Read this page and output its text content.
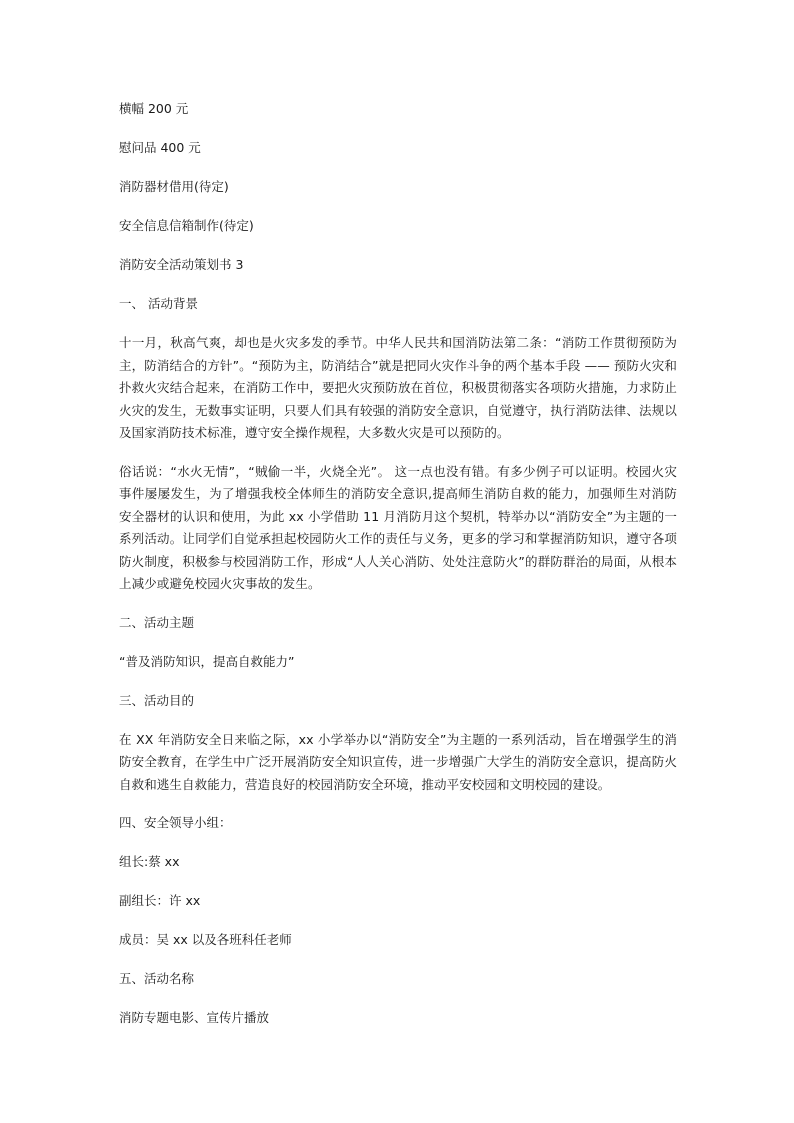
横幅 200 元
慰问品 400 元
消防器材借用(待定)
安全信息信箱制作(待定)
消防安全活动策划书 3
一、 活动背景
十一月，秋高气爽，却也是火灾多发的季节。中华人民共和国消防法第二条：“消防工作贯彻预防为主，防消结合的方针”。“预防为主，防消结合”就是把同火灾作斗争的两个基本手段 —— 预防火灾和扑救火灾结合起来，在消防工作中，要把火灾预防放在首位，积极贯彻落实各项防火措施，力求防止火灾的发生，无数事实证明，只要人们具有较强的消防安全意识，自觉遵守，执行消防法律、法规以及国家消防技术标准，遵守安全操作规程，大多数火灾是可以预防的。
俗话说：“水火无情”，“贼偷一半，火烧全光”。 这一点也没有错。有多少例子可以证明。校园火灾事件屡屡发生，为了增强我校全体师生的消防安全意识,提高师生消防自救的能力，加强师生对消防安全器材的认识和使用，为此 xx 小学借助 11 月消防月这个契机，特举办以“消防安全”为主题的一系列活动。让同学们自觉承担起校园防火工作的责任与义务，更多的学习和掌握消防知识，遵守各项防火制度，积极参与校园消防工作，形成“人人关心消防、处处注意防火”的群防群治的局面，从根本上减少或避免校园火灾事故的发生。
二、活动主题
“普及消防知识，提高自救能力”
三、活动目的
在 XX 年消防安全日来临之际，xx 小学举办以“消防安全”为主题的一系列活动，旨在增强学生的消防安全教育，在学生中广泛开展消防安全知识宣传，进一步增强广大学生的消防安全意识，提高防火自救和逃生自救能力，营造良好的校园消防安全环境，推动平安校园和文明校园的建设。
四、安全领导小组：
组长:蔡 xx
副组长：许 xx
成员：吴 xx 以及各班科任老师
五、活动名称
消防专题电影、宣传片播放
